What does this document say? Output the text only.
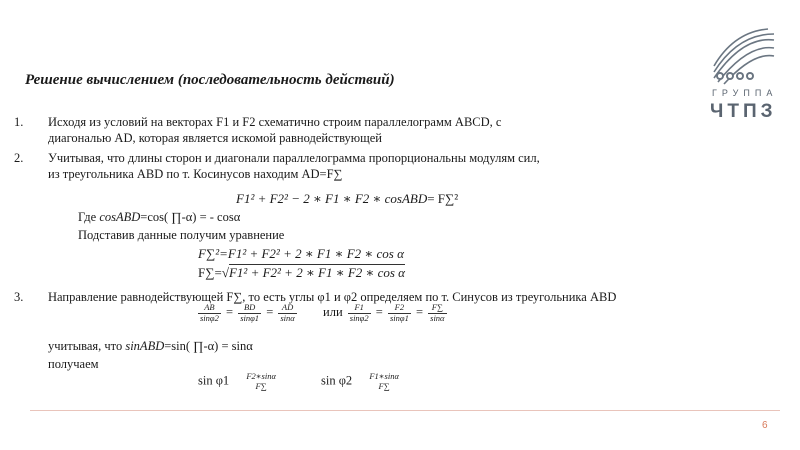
ГРУППА
ЧТПЗ
Решение вычислением (последовательность действий)
1. Исходя из условий на векторах F1 и F2 схематично строим параллелограмм ABCD, с
диагональю AD, которая является искомой равнодействующей
2. Учитывая, что длины сторон и диагонали параллелограмма пропорциональны модулям сил,
из треугольника ABD по т. Косинусов находим AD=F∑
F1² + F2² − 2 ∗ F1 ∗ F2 ∗ cosABD= F∑²
Где cosABD=cos( ∏-α) = - cosα
Подставив данные получим уравнение
F∑²=F1² + F2² + 2 ∗ F1 ∗ F2 ∗ cos α
F∑=√F1² + F2² + 2 ∗ F1 ∗ F2 ∗ cos α
3. Направление равнодействующей F∑, то есть углы φ1 и φ2 определяем по т. Синусов из треугольника ABD
$\frac{AB}{\sin\varphi 2} = \frac{BD}{\sin\varphi 1} = \frac{AD}{\sin\alpha}$ или $\frac{F1}{\sin\varphi 2} = \frac{F2}{\sin\varphi 1} = \frac{F\sum}{\sin\alpha}$
учитывая, что sinABD=sin( ∏-α) = sinα
получаем
sin φ1 F2∗sinα
F∑	sin φ2 F1∗sinα
F∑
6
